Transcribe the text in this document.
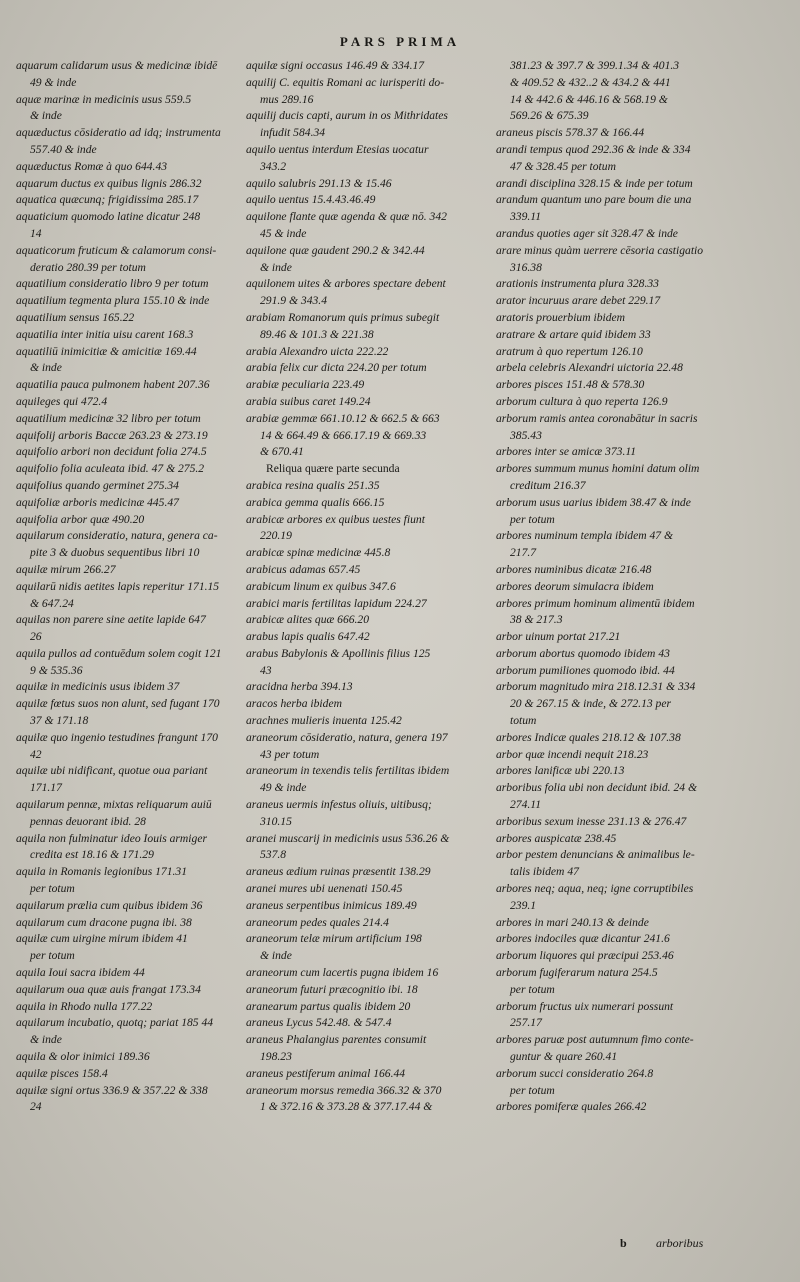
PARS PRIMA
aquarum calidarum usus & medicinæ ibidē
49 & inde
aquæ marinæ in medicinis usus 559.5
& inde
aquæductus cōsideratio ad idq; instrumenta
557.40 & inde
aquæductus Romæ à quo 644.43
aquarum ductus ex quibus lignis 286.32
aquatica quæcunq; frigidissima 285.17
aquaticium quomodo latine dicatur 248
14
aquaticorum fruticum & calamorum consi-
deratio 280.39 per totum
aquatilium consideratio libro 9 per totum
aquatilium tegmenta plura 155.10 & inde
aquatilium sensus 165.22
aquatilia inter initia uisu carent 168.3
aquatiliū inimicitiæ & amicitiæ 169.44
& inde
aquatilia pauca pulmonem habent 207.36
aquileges qui 472.4
aquatilium medicinæ 32 libro per totum
aquifolij arboris Baccæ 263.23 & 273.19
aquifolio arbori non decidunt folia 274.5
aquifolio folia aculeata ibid. 47 & 275.2
aquifolius quando germinet 275.34
aquifoliæ arboris medicinæ 445.47
aquifolia arbor quæ 490.20
aquilarum consideratio, natura, genera ca-
pite 3 & duobus sequentibus libri 10
aquilæ mirum 266.27
aquilarū nidis aetites lapis reperitur 171.15
& 647.24
aquilas non parere sine aetite lapide 647
26
aquila pullos ad contuēdum solem cogit 121
9 & 535.36
aquilæ in medicinis usus ibidem 37
aquilæ fœtus suos non alunt, sed fugant 170
37 & 171.18
aquilæ quo ingenio testudines frangunt 170
42
aquilæ ubi nidificant, quotue oua pariant
171.17
aquilarum pennæ, mixtas reliquarum auiū
pennas deuorant ibid. 28
aquila non fulminatur ideo Iouis armiger
credita est 18.16 & 171.29
aquila in Romanis legionibus 171.31
per totum
aquilarum prælia cum quibus ibidem 36
aquilarum cum dracone pugna ibi. 38
aquilæ cum uirgine mirum ibidem 41
per totum
aquila Ioui sacra ibidem 44
aquilarum oua quæ auis frangat 173.34
aquila in Rhodo nulla 177.22
aquilarum incubatio, quotq; pariat 185 44
& inde
aquila & olor inimici 189.36
aquilæ pisces 158.4
aquilæ signi ortus 336.9 & 357.22 & 338
24
aquilæ signi occasus 146.49 & 334.17
aquilij C. equitis Romani ac iurisperiti do-
mus 289.16
aquilij ducis capti, aurum in os Mithridates
infudit 584.34
aquilo uentus interdum Etesias uocatur
343.2
aquilo salubris 291.13 & 15.46
aquilo uentus 15.4.43.46.49
aquilone flante quæ agenda & quæ nō. 342
45 & inde
aquilone quæ gaudent 290.2 & 342.44
& inde
aquilonem uites & arbores spectare debent
291.9 & 343.4
arabiam Romanorum quis primus subegit
89.46 & 101.3 & 221.38
arabia Alexandro uicta 222.22
arabia felix cur dicta 224.20 per totum
arabiæ peculiaria 223.49
arabia suibus caret 149.24
arabiæ gemmæ 661.10.12 & 662.5 & 663
14 & 664.49 & 666.17.19 & 669.33
& 670.41
Reliqua quære parte secunda
arabica resina qualis 251.35
arabica gemma qualis 666.15
arabicæ arbores ex quibus uestes fiunt
220.19
arabicæ spinæ medicinæ 445.8
arabicus adamas 657.45
arabicum linum ex quibus 347.6
arabici maris fertilitas lapidum 224.27
arabicæ alites quæ 666.20
arabus lapis qualis 647.42
arabus Babylonis & Apollinis filius 125
43
aracidna herba 394.13
aracos herba ibidem
arachnes mulieris inuenta 125.42
araneorum cōsideratio, natura, genera 197
43 per totum
araneorum in texendis telis fertilitas ibidem
49 & inde
araneus uermis infestus oliuis, uitibusq;
310.15
aranei muscarij in medicinis usus 536.26 &
537.8
araneus ædium ruinas præsentit 138.29
aranei mures ubi uenenati 150.45
araneus serpentibus inimicus 189.49
araneorum pedes quales 214.4
araneorum telæ mirum artificium 198
& inde
araneorum cum lacertis pugna ibidem 16
araneorum futuri præcognitio ibi. 18
aranearum partus qualis ibidem 20
araneus Lycus 542.48. & 547.4
araneus Phalangius parentes consumit
198.23
araneus pestiferum animal 166.44
araneorum morsus remedia 366.32 & 370
1 & 372.16 & 373.28 & 377.17.44 &
381.23 & 397.7 & 399.1.34 & 401.3
& 409.52 & 432..2 & 434.2 & 441
14 & 442.6 & 446.16 & 568.19 &
569.26 & 675.39
araneus piscis 578.37 & 166.44
arandi tempus quod 292.36 & inde & 334
47 & 328.45 per totum
arandi disciplina 328.15 & inde per totum
arandum quantum uno pare boum die una
339.11
arandus quoties ager sit 328.47 & inde
arare minus quàm uerrere cēsoria castigatio
316.38
arationis instrumenta plura 328.33
arator incuruus arare debet 229.17
aratoris prouerbium ibidem
aratrare & artare quid ibidem 33
aratrum à quo repertum 126.10
arbela celebris Alexandri uictoria 22.48
arbores pisces 151.48 & 578.30
arborum cultura à quo reperta 126.9
arborum ramis antea coronabātur in sacris
385.43
arbores inter se amicæ 373.11
arbores summum munus homini datum olim
creditum 216.37
arborum usus uarius ibidem 38.47 & inde
per totum
arbores numinum templa ibidem 47 &
217.7
arbores numinibus dicatæ 216.48
arbores deorum simulacra ibidem
arbores primum hominum alimentū ibidem
38 & 217.3
arbor uinum portat 217.21
arborum abortus quomodo ibidem 43
arborum pumiliones quomodo ibid. 44
arborum magnitudo mira 218.12.31 & 334
20 & 267.15 & inde, & 272.13 per
totum
arbores Indicæ quales 218.12 & 107.38
arbor quæ incendi nequit 218.23
arbores lanificæ ubi 220.13
arboribus folia ubi non decidunt ibid. 24 &
274.11
arboribus sexum inesse 231.13 & 276.47
arbores auspicatæ 238.45
arbor pestem denuncians & animalibus le-
talis ibidem 47
arbores neq; aqua, neq; igne corruptibiles
239.1
arbores in mari 240.13 & deinde
arbores indociles quæ dicantur 241.6
arborum liquores qui præcipui 253.46
arborum fugiferarum natura 254.5
per totum
arborum fructus uix numerari possunt
257.17
arbores paruæ post autumnum fimo conte-
guntur & quare 260.41
arborum succi consideratio 264.8
per totum
arbores pomiferæ quales 266.42
b arboribus
